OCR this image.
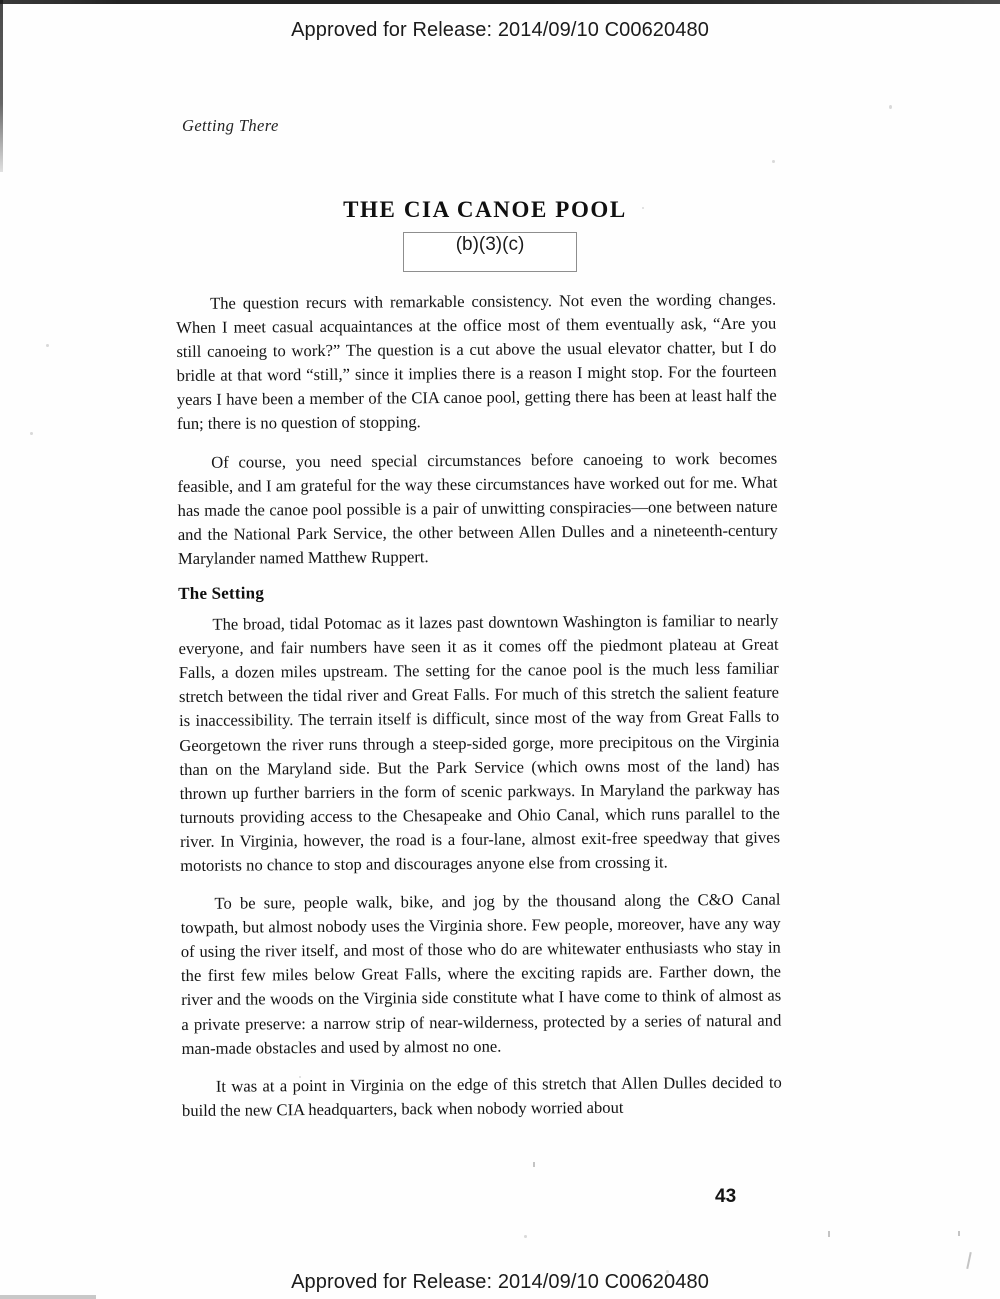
Approved for Release: 2014/09/10 C00620480
Getting There
THE CIA CANOE POOL
(b)(3)(c)

The question recurs with remarkable consistency. Not even the wording changes. When I meet casual acquaintances at the office most of them eventually ask, “Are you still canoeing to work?” The question is a cut above the usual elevator chatter, but I do bridle at that word “still,” since it implies there is a reason I might stop. For the fourteen years I have been a member of the CIA canoe pool, getting there has been at least half the fun; there is no question of stopping.

Of course, you need special circumstances before canoeing to work becomes feasible, and I am grateful for the way these circumstances have worked out for me. What has made the canoe pool possible is a pair of unwitting conspiracies—one between nature and the National Park Service, the other between Allen Dulles and a nineteenth-century Marylander named Matthew Ruppert.

The Setting

The broad, tidal Potomac as it lazes past downtown Washington is familiar to nearly everyone, and fair numbers have seen it as it comes off the piedmont plateau at Great Falls, a dozen miles upstream. The setting for the canoe pool is the much less familiar stretch between the tidal river and Great Falls. For much of this stretch the salient feature is inaccessibility. The terrain itself is difficult, since most of the way from Great Falls to Georgetown the river runs through a steep-sided gorge, more precipitous on the Virginia than on the Maryland side. But the Park Service (which owns most of the land) has thrown up further barriers in the form of scenic parkways. In Maryland the parkway has turnouts providing access to the Chesapeake and Ohio Canal, which runs parallel to the river. In Virginia, however, the road is a four-lane, almost exit-free speedway that gives motorists no chance to stop and discourages anyone else from crossing it.

To be sure, people walk, bike, and jog by the thousand along the C&O Canal towpath, but almost nobody uses the Virginia shore. Few people, moreover, have any way of using the river itself, and most of those who do are whitewater enthusiasts who stay in the first few miles below Great Falls, where the exciting rapids are. Farther down, the river and the woods on the Virginia side constitute what I have come to think of almost as a private preserve: a narrow strip of near-wilderness, protected by a series of natural and man-made obstacles and used by almost no one.

It was at a point in Virginia on the edge of this stretch that Allen Dulles decided to build the new CIA headquarters, back when nobody worried about

43
Approved for Release: 2014/09/10 C00620480
